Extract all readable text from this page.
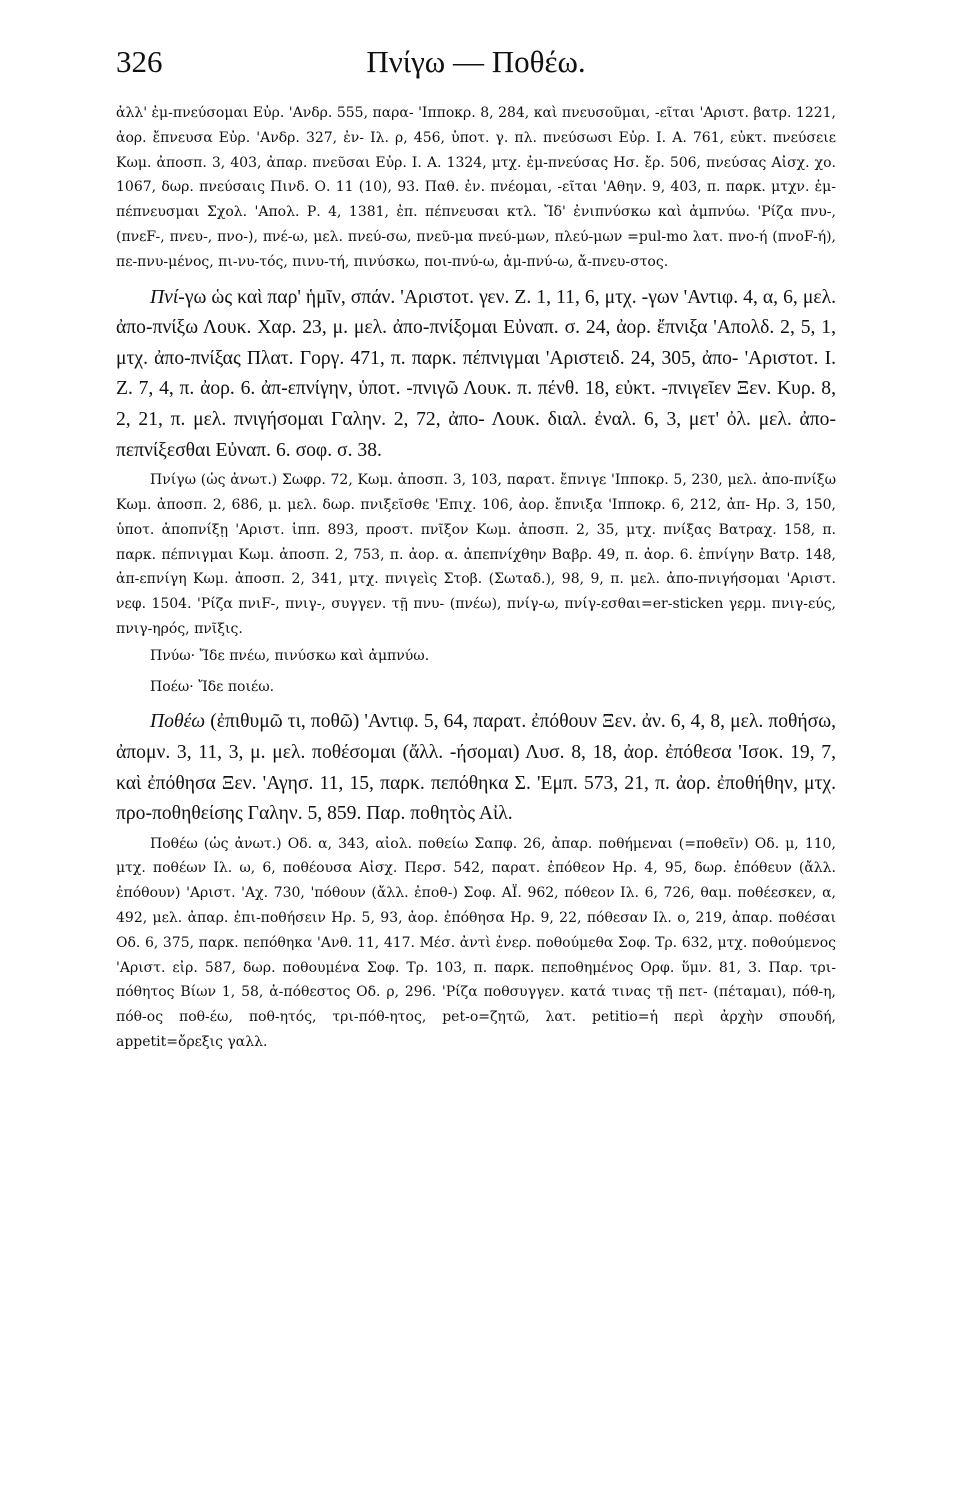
326	Πνίγω — Ποθέω.

ἀλλ' ἐμ-πνεύσομαι Εὐρ. 'Ανδρ. 555, παρα- 'Ιπποκρ. 8, 284, καὶ πνευσοῦμαι, -εῖται 'Αριστ. βατρ. 1221, ἀορ. ἔπνευσα Εὐρ. 'Ανδρ. 327, ἐν- Ιλ. ρ, 456, ὑποτ. γ. πλ. πνεύσωσι Εὐρ. Ι. Α. 761, εὐκτ. πνεύσειε Κωμ. ἀποσπ. 3, 403, ἀπαρ. πνεῦσαι Εὐρ. Ι. Α. 1324, μτχ. ἐμ-πνεύσας Ησ. ἔρ. 506, πνεύσας Αἰσχ. χο. 1067, δωρ. πνεύσαις Πινδ. Ο. 11 (10), 93. Παθ. ἐν. πνέομαι, -εῖται 'Αθην. 9, 403, π. παρκ. μτχν. ἐμ-πέπνευσμαι Σχολ. 'Απολ. Ρ. 4, 1381, ἐπ. πέπνευσαι κτλ. Ἴδ' ἐνιπνύσκω καὶ ἀμπνύω. 'Ρίζα πνυ-, (πνεF-, πνευ-, πνο-), πνέ-ω, μελ. πνεύ-σω, πνεῦ-μα πνεύ-μων, πλεύ-μων =pul-mo λατ. πνο-ή (πνοF-ή), πε-πνυ-μένος, πι-νυ-τός, πινυ-τή, πινύσκω, ποι-πνύ-ω, ἀμ-πνύ-ω, ἄ-πνευ-στος.

Πνί-γω ὡς καὶ παρ' ἡμῖν, σπάν. 'Αριστοτ. γεν. Ζ. 1, 11, 6, μτχ. -γων 'Αντιφ. 4, α, 6, μελ. ἀπο-πνίξω Λουκ. Χαρ. 23, μ. μελ. ἀπο-πνίξομαι Εὐναπ. σ. 24, ἀορ. ἔπνιξα 'Απολδ. 2, 5, 1, μτχ. ἀπο-πνίξας Πλατ. Γοργ. 471, π. παρκ. πέπνιγμαι 'Αριστειδ. 24, 305, ἀπο- 'Αριστοτ. Ι. Ζ. 7, 4, π. ἀορ. 6. ἀπ-επνίγην, ὑποτ. -πνιγῶ Λουκ. π. πένθ. 18, εὐκτ. -πνιγεῖεν Ξεν. Κυρ. 8, 2, 21, π. μελ. πνιγήσομαι Γαλην. 2, 72, ἀπο- Λουκ. διαλ. ἐναλ. 6, 3, μετ' ὀλ. μελ. ἀπο-πεπνίξεσθαι Εὐναπ. 6. σοφ. σ. 38.

Πνίγω (ὡς ἀνωτ.) Σωφρ. 72, Κωμ. ἀποσπ. 3, 103, παρατ. ἔπνιγε 'Ιπποκρ. 5, 230, μελ. ἀπο-πνίξω Κωμ. ἀποσπ. 2, 686, μ. μελ. δωρ. πνιξεῖσθε 'Επιχ. 106, ἀορ. ἔπνιξα 'Ιπποκρ. 6, 212, ἀπ- Ηρ. 3, 150, ὑποτ. ἀποπνίξῃ 'Αριστ. ἱππ. 893, προστ. πνῖξον Κωμ. ἀποσπ. 2, 35, μτχ. πνίξας Βατραχ. 158, π. παρκ. πέπνιγμαι Κωμ. ἀποσπ. 2, 753, π. ἀορ. α. ἀπεπνίχθην Βαβρ. 49, π. ἀορ. 6. ἐπνίγην Βατρ. 148, ἀπ-επνίγη Κωμ. ἀποσπ. 2, 341, μτχ. πνιγεὶς Στοβ. (Σωταδ.), 98, 9, π. μελ. ἀπο-πνιγήσομαι 'Αριστ. νεφ. 1504. 'Ρίζα πνιF-, πνιγ-, συγγεν. τῇ πνυ- (πνέω), πνίγ-ω, πνίγ-εσθαι=er-sticken γερμ. πνιγ-εύς, πνιγ-ηρός, πνῖξις.

Πνύω· Ἴδε πνέω, πινύσκω καὶ ἀμπνύω.

Ποέω· Ἴδε ποιέω.

Ποθέω (ἐπιθυμῶ τι, ποθῶ) 'Αντιφ. 5, 64, παρατ. ἐπόθουν Ξεν. ἀν. 6, 4, 8, μελ. ποθήσω, ἀπομν. 3, 11, 3, μ. μελ. ποθέσομαι (ἄλλ. -ήσομαι) Λυσ. 8, 18, ἀορ. ἐπόθεσα 'Ισοκ. 19, 7, καὶ ἐπόθησα Ξεν. 'Αγησ. 11, 15, παρκ. πεπόθηκα Σ. 'Εμπ. 573, 21, π. ἀορ. ἐποθήθην, μτχ. προ-ποθηθείσης Γαλην. 5, 859. Παρ. ποθητὸς Αἰλ.

Ποθέω (ὡς ἀνωτ.) Οδ. α, 343, αἰολ. ποθείω Σαπφ. 26, ἀπαρ. ποθήμεναι (=ποθεῖν) Οδ. μ, 110, μτχ. ποθέων Ιλ. ω, 6, ποθέουσα Αἰσχ. Περσ. 542, παρατ. ἐπόθεον Ηρ. 4, 95, δωρ. ἐπόθευν (ἄλλ. ἐπόθουν) 'Αριστ. 'Αχ. 730, 'πόθουν (ἄλλ. ἐποθ-) Σοφ. ΑΪ. 962, πόθεον Ιλ. 6, 726, θαμ. ποθέεσκεν, α, 492, μελ. ἀπαρ. ἐπι-ποθήσειν Ηρ. 5, 93, ἀορ. ἐπόθησα Ηρ. 9, 22, πόθεσαν Ιλ. ο, 219, ἀπαρ. ποθέσαι Οδ. 6, 375, παρκ. πεπόθηκα 'Ανθ. 11, 417. Μέσ. ἀντὶ ἐνερ. ποθούμεθα Σοφ. Τρ. 632, μτχ. ποθούμενος 'Αριστ. εἰρ. 587, δωρ. ποθουμένα Σοφ. Τρ. 103, π. παρκ. πεποθημένος Ορφ. ὕμν. 81, 3. Παρ. τρι-πόθητος Βίων 1, 58, ἀ-πόθεστος Οδ. ρ, 296. 'Ρίζα ποθσυγγεν. κατά τινας τῇ πετ- (πέταμαι), πόθ-η, πόθ-ος ποθ-έω, ποθ-ητός, τρι-πόθ-ητος, pet-o=ζητῶ, λατ. petitio=ἡ περὶ ἀρχὴν σπουδή, appetit=ὄρεξις γαλλ.
